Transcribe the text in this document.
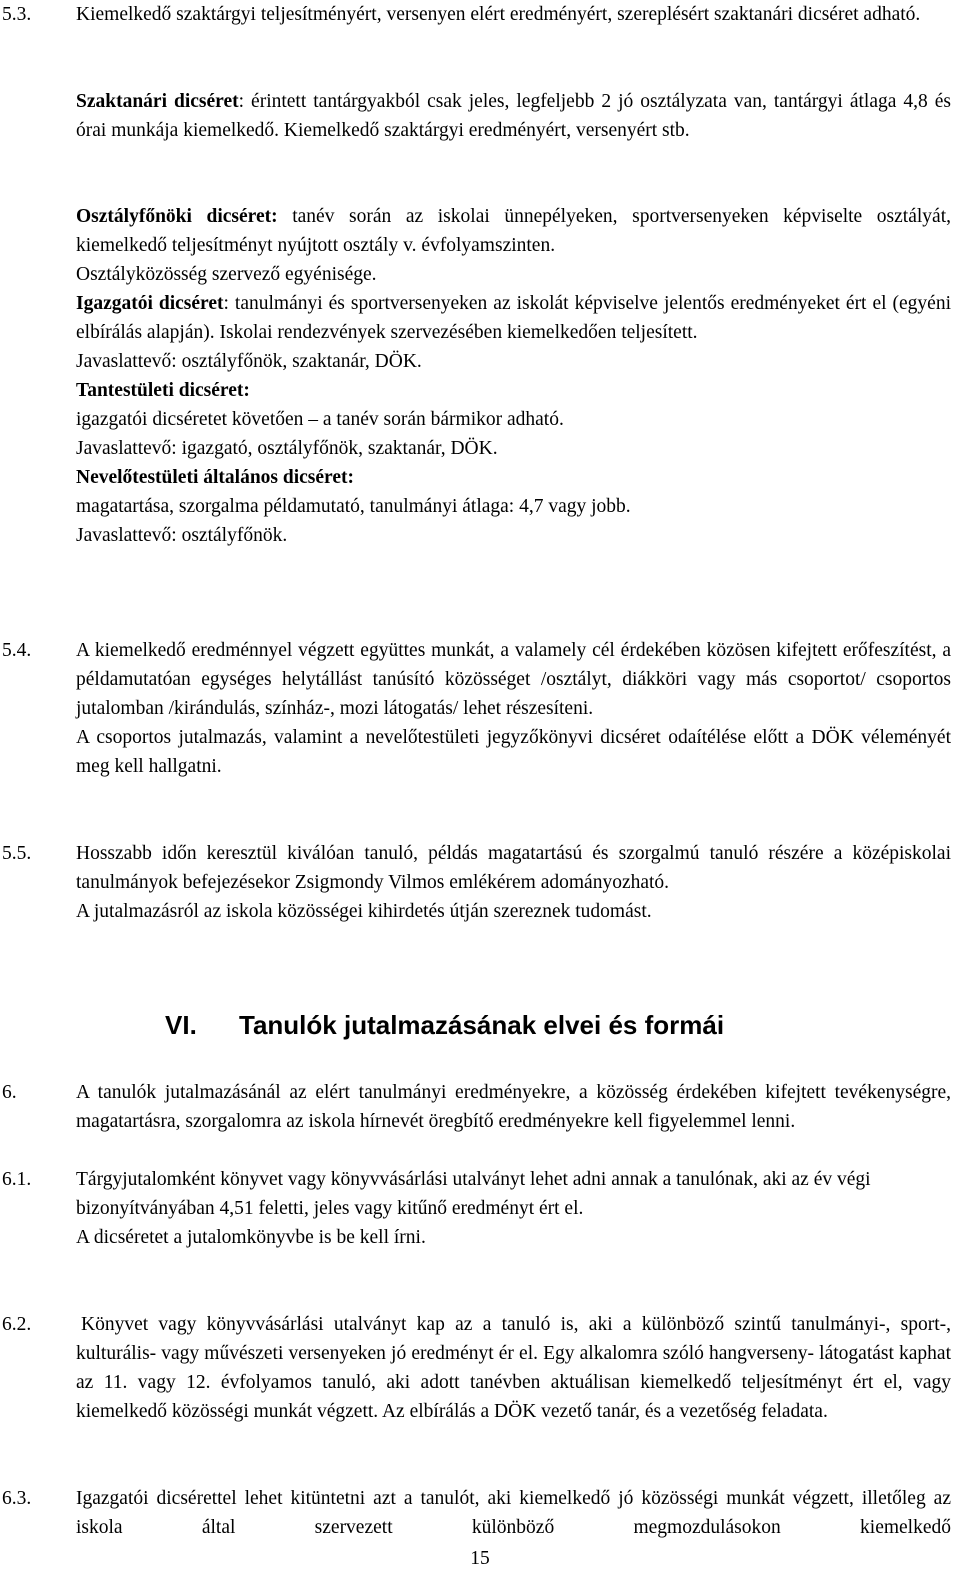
5.3.	Kiemelkedő szaktárgyi teljesítményért, versenyen elért eredményért, szereplésért szaktanári dicséret adható.

Szaktanári dicséret: érintett tantárgyakból csak jeles, legfeljebb 2 jó osztályzata van, tantárgyi átlaga 4,8 és órai munkája kiemelkedő. Kiemelkedő szaktárgyi eredményért, versenyért stb.

Osztályfőnöki dicséret: tanév során az iskolai ünnepélyeken, sportversenyeken képviselte osztályát, kiemelkedő teljesítményt nyújtott osztály v. évfolyamszinten.

Osztályközösség szervező egyénisége.

Igazgatói dicséret: tanulmányi és sportversenyeken az iskolát képviselve jelentős eredményeket ért el (egyéni elbírálás alapján). Iskolai rendezvények szervezésében kiemelkedően teljesített.

Javaslattevő: osztályfőnök, szaktanár, DÖK.

Tantestületi dicséret:

igazgatói dicséretet követően – a tanév során bármikor adható.

Javaslattevő: igazgató, osztályfőnök, szaktanár, DÖK.

Nevelőtestületi általános dicséret:

magatartása, szorgalma példamutató, tanulmányi átlaga: 4,7 vagy jobb.

Javaslattevő: osztályfőnök.

5.4.	A kiemelkedő eredménnyel végzett együttes munkát, a valamely cél érdekében közösen kifejtett erőfeszítést, a példamutatóan egységes helytállást tanúsító közösséget /osztályt, diákköri vagy más csoportot/ csoportos jutalomban /kirándulás, színház-, mozi látogatás/ lehet részesíteni.

A csoportos jutalmazás, valamint a nevelőtestületi jegyzőkönyvi dicséret odaítélése előtt a DÖK véleményét meg kell hallgatni.

5.5.	Hosszabb időn keresztül kiválóan tanuló, példás magatartású és szorgalmú tanuló részére a középiskolai tanulmányok befejezésekor Zsigmondy Vilmos emlékérem adományozható.

A jutalmazásról az iskola közösségei kihirdetés útján szereznek tudomást.

VI. Tanulók jutalmazásának elvei és formái
6.	A tanulók jutalmazásánál az elért tanulmányi eredményekre, a közösség érdekében kifejtett tevékenységre, magatartásra, szorgalomra az iskola hírnevét öregbítő eredményekre kell figyelemmel lenni.

6.1.	Tárgyjutalomként könyvet vagy könyvvásárlási utalványt lehet adni annak a tanulónak, aki az év végi bizonyítványában 4,51 feletti, jeles vagy kitűnő eredményt ért el.

A dicséretet a jutalomkönyvbe is be kell írni.

6.2.	Könyvet vagy könyvvásárlási utalványt kap az a tanuló is, aki a különböző szintű tanulmányi-, sport-, kulturális- vagy művészeti versenyeken jó eredményt ér el. Egy alkalomra szóló hangverseny- látogatást kaphat az 11. vagy 12. évfolyamos tanuló, aki adott tanévben aktuálisan kiemelkedő teljesítményt ért el, vagy kiemelkedő közösségi munkát végzett. Az elbírálás a DÖK vezető tanár, és a vezetőség feladata.

6.3.	Igazgatói dicsérettel lehet kitüntetni azt a tanulót, aki kiemelkedő jó közösségi munkát végzett, illetőleg az iskola által szervezett különböző megmozdulásokon kiemelkedő

15
